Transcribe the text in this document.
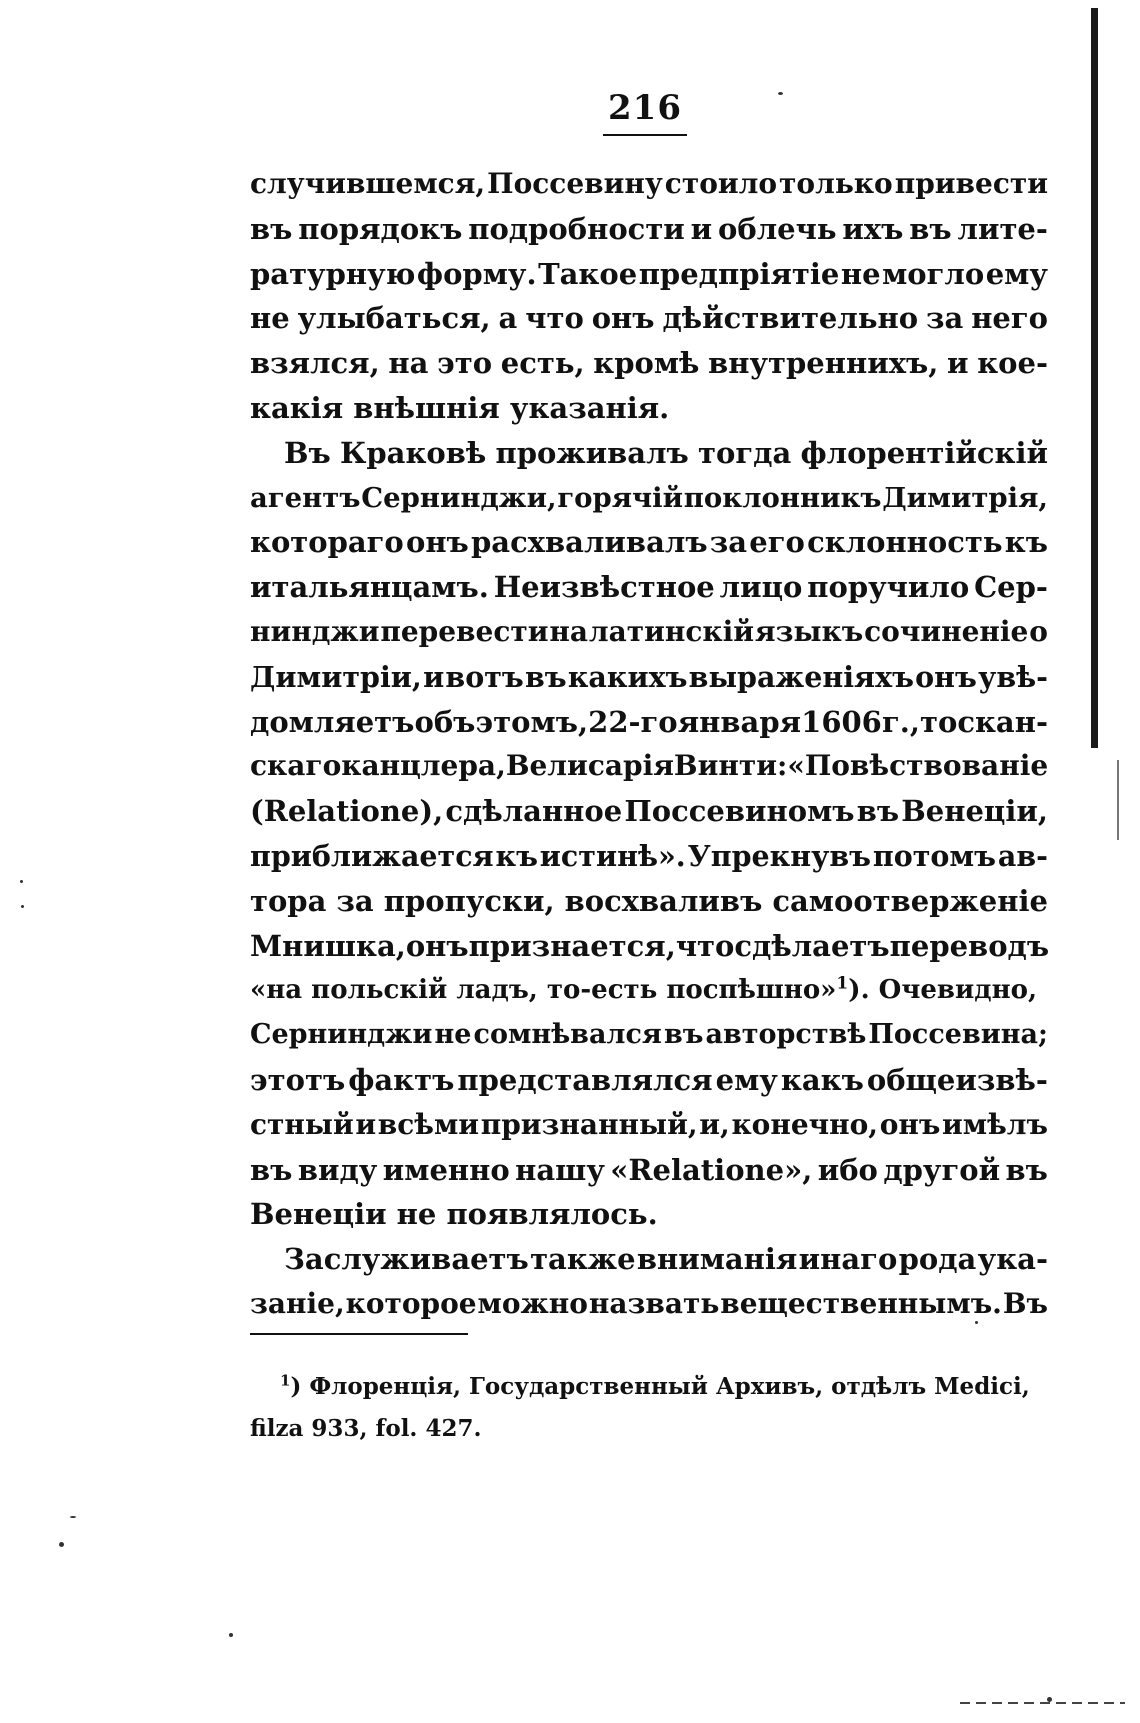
216
случившемся, Поссевину стоило только привести
въ порядокъ подробности и облечь ихъ въ лите-
ратурную форму. Такое предпріятіе не могло ему
не улыбаться, а что онъ дѣйствительно за него
взялся, на это есть, кромѣ внутреннихъ, и кое-
какія внѣшнія указанія.
Въ Краковѣ проживалъ тогда флорентійскій
агентъ Сернинджи, горячій поклонникъ Димитрія,
котораго онъ расхваливалъ за его склонность къ
итальянцамъ. Неизвѣстное лицо поручило Сер-
нинджи перевести на латинскій языкъ сочиненіе о
Димитріи, и вотъ въ какихъ выраженіяхъ онъ увѣ-
домляетъ объ этомъ, 22-го января 1606 г., тоскан-
скаго канцлера, Велисарія Винти: «Повѣствованіе
(Relatione), сдѣланное Поссевиномъ въ Венеціи,
приближается къ истинѣ». Упрекнувъ потомъ ав-
тора за пропуски, восхваливъ самоотверженіе
Мнишка, онъ признается, что сдѣлаетъ переводъ
«на польскій ладъ, то-есть поспѣшно»$^1$). Очевидно,
Сернинджи не сомнѣвался въ авторствѣ Поссевина;
этотъ фактъ представлялся ему какъ общеизвѣ-
стный и всѣми признанный, и, конечно, онъ имѣлъ
въ виду именно нашу «Relatione», ибо другой въ
Венеціи не появлялось.
Заслуживаетъ также вниманія инаго рода ука-
заніе, которое можно назвать вещественнымъ. Въ
$^1$) Флоренція, Государственный Архивъ, отдѣлъ Medici,
filza 933, fol. 427.
